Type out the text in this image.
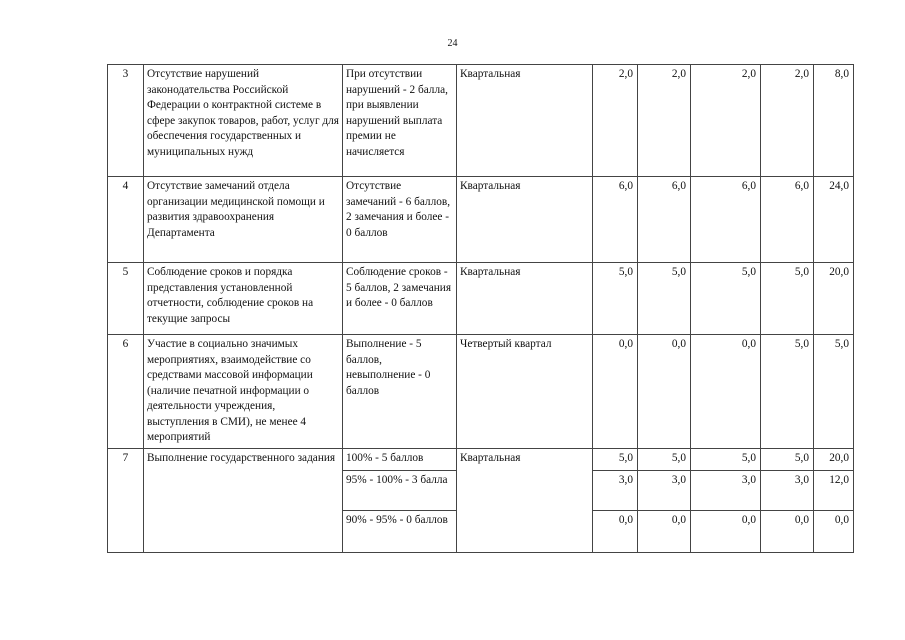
24
3	Отсутствие нарушений законодательства Российской Федерации о контрактной системе в сфере закупок товаров, работ, услуг для обеспечения государственных и муниципальных нужд	При отсутствии нарушений - 2 балла, при выявлении нарушений выплата премии не начисляется	Квартальная	2,0	2,0	2,0	2,0	8,0
4	Отсутствие замечаний отдела организации медицинской помощи и развития здравоохранения Департамента	Отсутствие замечаний - 6 баллов, 2 замечания и более - 0 баллов	Квартальная	6,0	6,0	6,0	6,0	24,0
5	Соблюдение сроков и порядка представления установленной отчетности, соблюдение сроков на текущие запросы	Соблюдение сроков - 5 баллов, 2 замечания и более - 0 баллов	Квартальная	5,0	5,0	5,0	5,0	20,0
6	Участие в социально значимых мероприятиях, взаимодействие со средствами массовой информации (наличие печатной информации о деятельности учреждения, выступления в СМИ), не менее 4 мероприятий	Выполнение - 5 баллов, невыполнение - 0 баллов	Четвертый квартал	0,0	0,0	0,0	5,0	5,0
7	Выполнение государственного задания	100% - 5 баллов	Квартальная	5,0	5,0	5,0	5,0	20,0
		95% - 100% - 3 балла		3,0	3,0	3,0	3,0	12,0
		90% - 95% - 0 баллов		0,0	0,0	0,0	0,0	0,0
